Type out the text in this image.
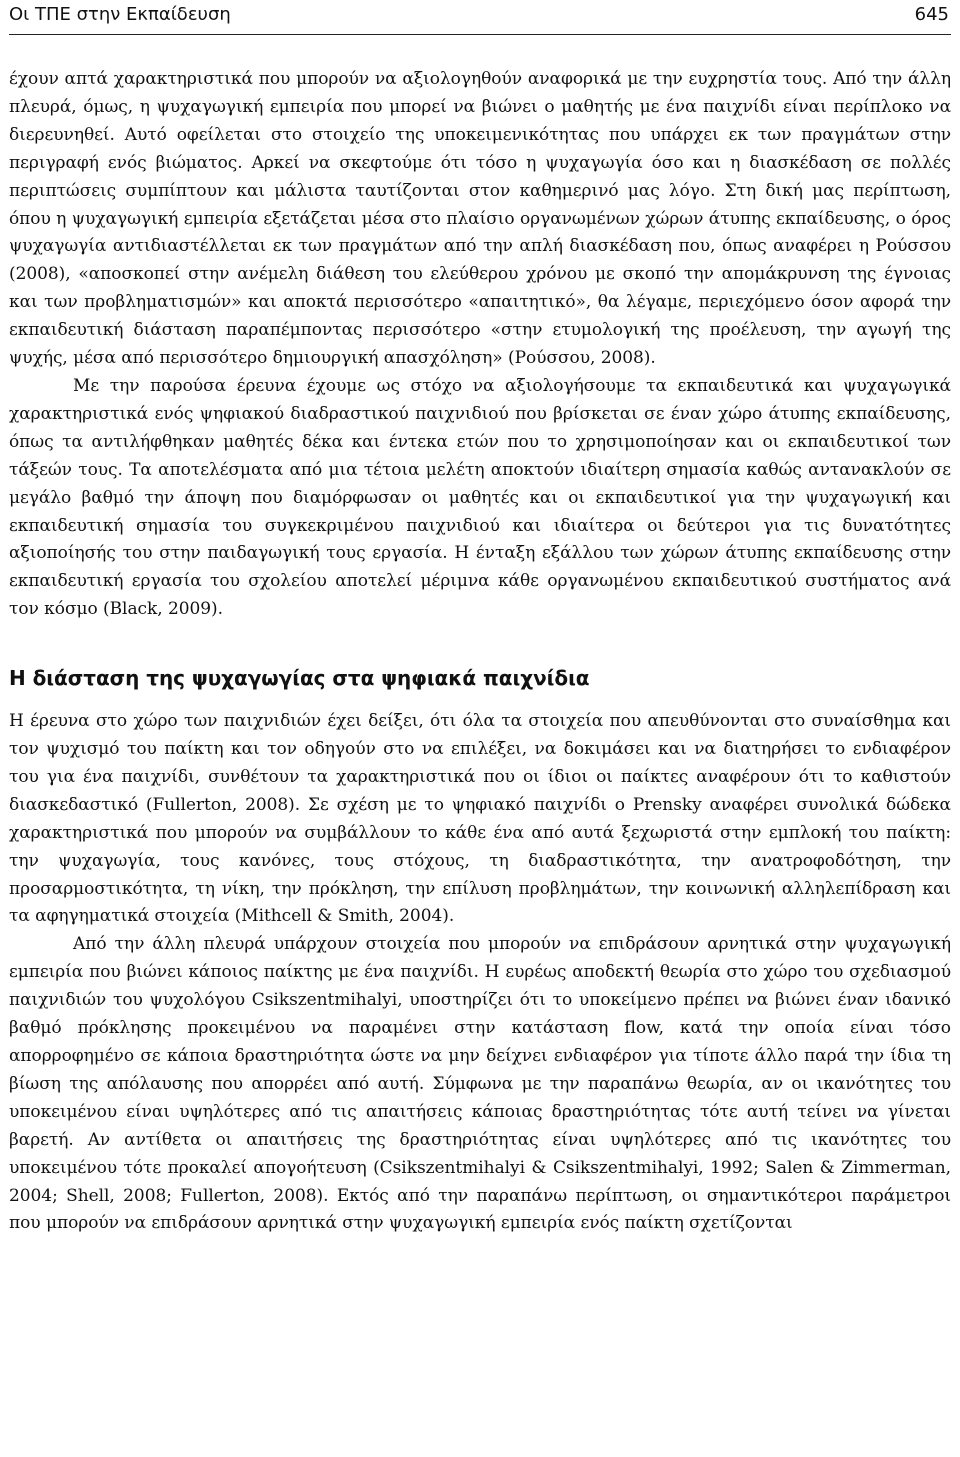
Οι ΤΠΕ στην Εκπαίδευση	645

έχουν απτά χαρακτηριστικά που μπορούν να αξιολογηθούν αναφορικά με την ευχρηστία τους. Από την άλλη πλευρά, όμως, η ψυχαγωγική εμπειρία που μπορεί να βιώνει ο μαθητής με ένα παιχνίδι είναι περίπλοκο να διερευνηθεί. Αυτό οφείλεται στο στοιχείο της υποκειμενικότητας που υπάρχει εκ των πραγμάτων στην περιγραφή ενός βιώματος. Αρκεί να σκεφτούμε ότι τόσο η ψυχαγωγία όσο και η διασκέδαση σε πολλές περιπτώσεις συμπίπτουν και μάλιστα ταυτίζονται στον καθημερινό μας λόγο. Στη δική μας περίπτωση, όπου η ψυχαγωγική εμπειρία εξετάζεται μέσα στο πλαίσιο οργανωμένων χώρων άτυπης εκπαίδευσης, ο όρος ψυχαγωγία αντιδιαστέλλεται εκ των πραγμάτων από την απλή διασκέδαση που, όπως αναφέρει η Ρούσσου (2008), «αποσκοπεί στην ανέμελη διάθεση του ελεύθερου χρόνου με σκοπό την απομάκρυνση της έγνοιας και των προβληματισμών» και αποκτά περισσότερο «απαιτητικό», θα λέγαμε, περιεχόμενο όσον αφορά την εκπαιδευτική διάσταση παραπέμποντας περισσότερο «στην ετυμολογική της προέλευση, την αγωγή της ψυχής, μέσα από περισσότερο δημιουργική απασχόληση» (Ρούσσου, 2008).

Με την παρούσα έρευνα έχουμε ως στόχο να αξιολογήσουμε τα εκπαιδευτικά και ψυχαγωγικά χαρακτηριστικά ενός ψηφιακού διαδραστικού παιχνιδιού που βρίσκεται σε έναν χώρο άτυπης εκπαίδευσης, όπως τα αντιλήφθηκαν μαθητές δέκα και έντεκα ετών που το χρησιμοποίησαν και οι εκπαιδευτικοί των τάξεών τους. Τα αποτελέσματα από μια τέτοια μελέτη αποκτούν ιδιαίτερη σημασία καθώς αντανακλούν σε μεγάλο βαθμό την άποψη που διαμόρφωσαν οι μαθητές και οι εκπαιδευτικοί για την ψυχαγωγική και εκπαιδευτική σημασία του συγκεκριμένου παιχνιδιού και ιδιαίτερα οι δεύτεροι για τις δυνατότητες αξιοποίησής του στην παιδαγωγική τους εργασία. Η ένταξη εξάλλου των χώρων άτυπης εκπαίδευσης στην εκπαιδευτική εργασία του σχολείου αποτελεί μέριμνα κάθε οργανωμένου εκπαιδευτικού συστήματος ανά τον κόσμο (Black, 2009).

Η διάσταση της ψυχαγωγίας στα ψηφιακά παιχνίδια

Η έρευνα στο χώρο των παιχνιδιών έχει δείξει, ότι όλα τα στοιχεία που απευθύνονται στο συναίσθημα και τον ψυχισμό του παίκτη και τον οδηγούν στο να επιλέξει, να δοκιμάσει και να διατηρήσει το ενδιαφέρον του για ένα παιχνίδι, συνθέτουν τα χαρακτηριστικά που οι ίδιοι οι παίκτες αναφέρουν ότι το καθιστούν διασκεδαστικό (Fullerton, 2008). Σε σχέση με το ψηφιακό παιχνίδι ο Prensky αναφέρει συνολικά δώδεκα χαρακτηριστικά που μπορούν να συμβάλλουν το κάθε ένα από αυτά ξεχωριστά στην εμπλοκή του παίκτη: την ψυχαγωγία, τους κανόνες, τους στόχους, τη διαδραστικότητα, την ανατροφοδότηση, την προσαρμοστικότητα, τη νίκη, την πρόκληση, την επίλυση προβλημάτων, την κοινωνική αλληλεπίδραση και τα αφηγηματικά στοιχεία (Mithcell & Smith, 2004).

Από την άλλη πλευρά υπάρχουν στοιχεία που μπορούν να επιδράσουν αρνητικά στην ψυχαγωγική εμπειρία που βιώνει κάποιος παίκτης με ένα παιχνίδι. Η ευρέως αποδεκτή θεωρία στο χώρο του σχεδιασμού παιχνιδιών του ψυχολόγου Csikszentmihalyi, υποστηρίζει ότι το υποκείμενο πρέπει να βιώνει έναν ιδανικό βαθμό πρόκλησης προκειμένου να παραμένει στην κατάσταση flow, κατά την οποία είναι τόσο απορροφημένο σε κάποια δραστηριότητα ώστε να μην δείχνει ενδιαφέρον για τίποτε άλλο παρά την ίδια τη βίωση της απόλαυσης που απορρέει από αυτή. Σύμφωνα με την παραπάνω θεωρία, αν οι ικανότητες του υποκειμένου είναι υψηλότερες από τις απαιτήσεις κάποιας δραστηριότητας τότε αυτή τείνει να γίνεται βαρετή. Αν αντίθετα οι απαιτήσεις της δραστηριότητας είναι υψηλότερες από τις ικανότητες του υποκειμένου τότε προκαλεί απογοήτευση (Csikszentmihalyi & Csikszentmihalyi, 1992; Salen & Zimmerman, 2004; Shell, 2008; Fullerton, 2008). Εκτός από την παραπάνω περίπτωση, οι σημαντικότεροι παράμετροι που μπορούν να επιδράσουν αρνητικά στην ψυχαγωγική εμπειρία ενός παίκτη σχετίζονται
